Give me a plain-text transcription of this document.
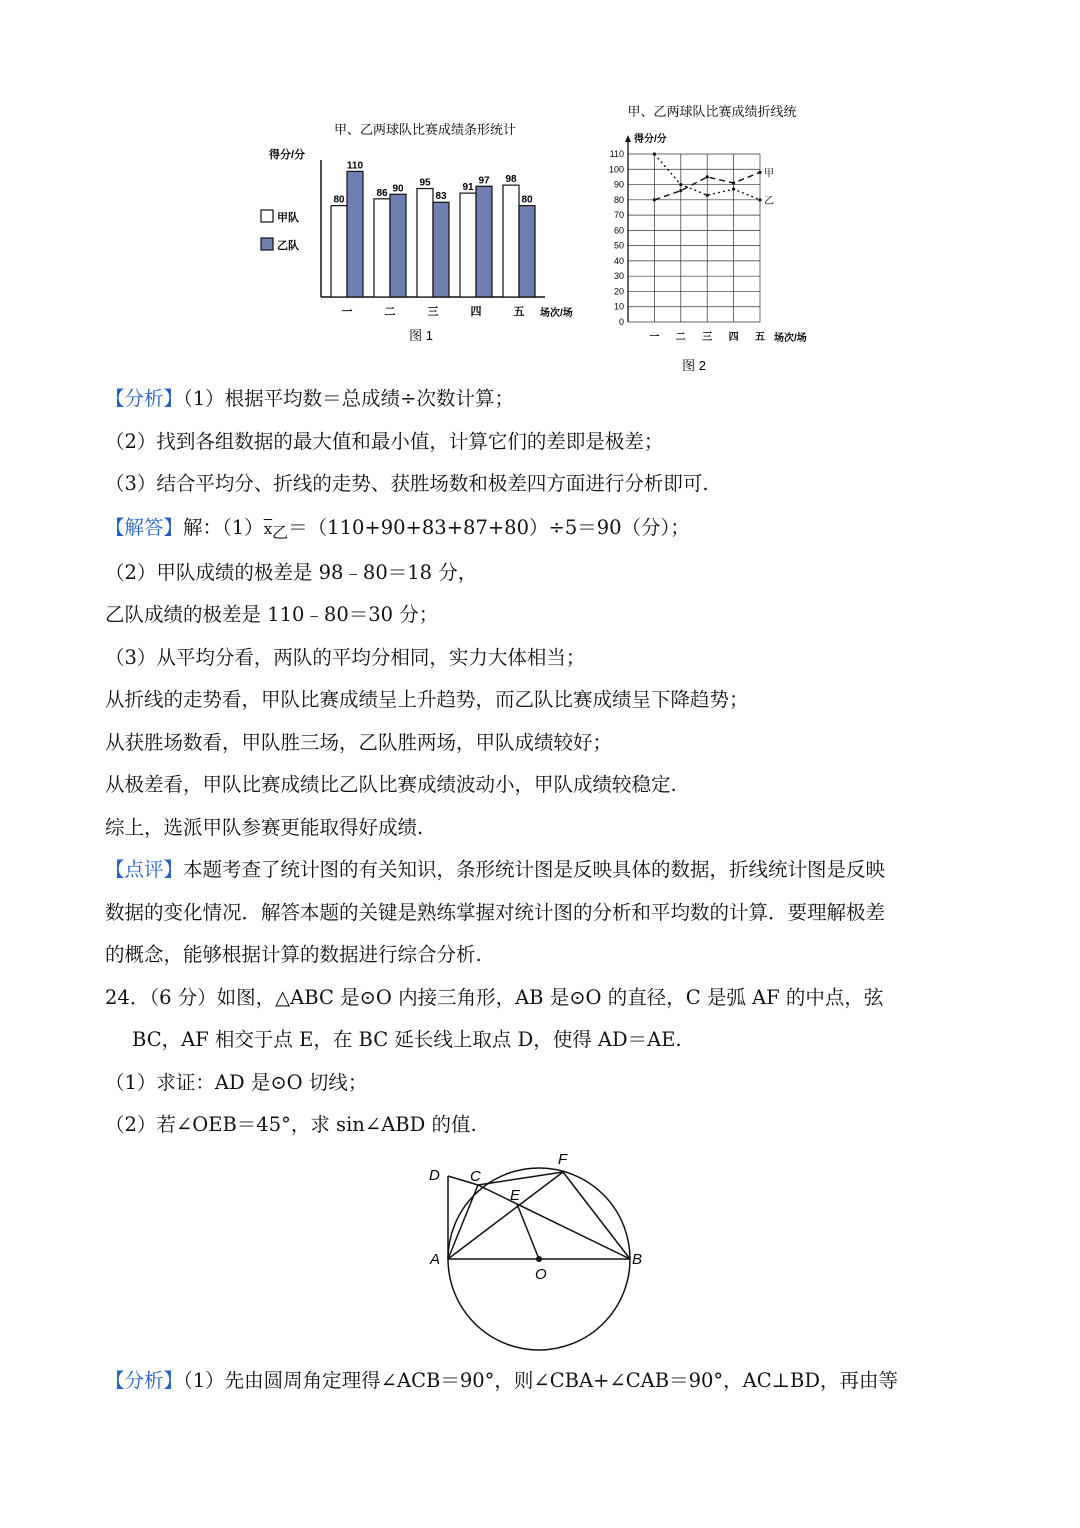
甲、乙两球队比赛成绩条形统计
得分/分
甲队
乙队
80
110
一
86 90
二
95
83
三
91
97
四
98
80
五 场次/场
图 1
甲、乙两球队比赛成绩折线统
得分/分
0
10
20
30
40
50
60
70
80
90
100
110
一 二 三 四 五
甲
乙
场次/场
图 2
【分析】（1）根据平均数＝总成绩÷次数计算；
（2）找到各组数据的最大值和最小值，计算它们的差即是极差；
（3）结合平均分、折线的走势、获胜场数和极差四方面进行分析即可.
【解答】解：$(1)\overline{x}_乙=(110+90+83+87+80)\div 5=90$（分）；
（2）甲队成绩的极差是 98﹣80＝18 分，
乙队成绩的极差是 110﹣80＝30 分；
（3）从平均分看，两队的平均分相同，实力大体相当；
从折线的走势看，甲队比赛成绩呈上升趋势，而乙队比赛成绩呈下降趋势；
从获胜场数看，甲队胜三场，乙队胜两场，甲队成绩较好；
从极差看，甲队比赛成绩比乙队比赛成绩波动小，甲队成绩较稳定.
综上，选派甲队参赛更能取得好成绩.
【点评】本题考查了统计图的有关知识，条形统计图是反映具体的数据，折线统计图是反映
数据的变化情况．解答本题的关键是熟练掌握对统计图的分析和平均数的计算．要理解极差
的概念，能够根据计算的数据进行综合分析.
24．（6 分）如图，△ABC 是⊙O 内接三角形，AB 是⊙O 的直径，C 是弧 AF 的中点，弦
BC，AF 相交于点 E，在 BC 延长线上取点 D，使得 AD＝AE.
（1）求证：AD 是⊙O 切线；
（2）若∠OEB＝45°，求 sin∠ABD 的值.
D C
F
E
A
O
B
【分析】（1）先由圆周角定理得∠ACB＝90°，则∠CBA+∠CAB＝90°，AC⊥BD，再由等
